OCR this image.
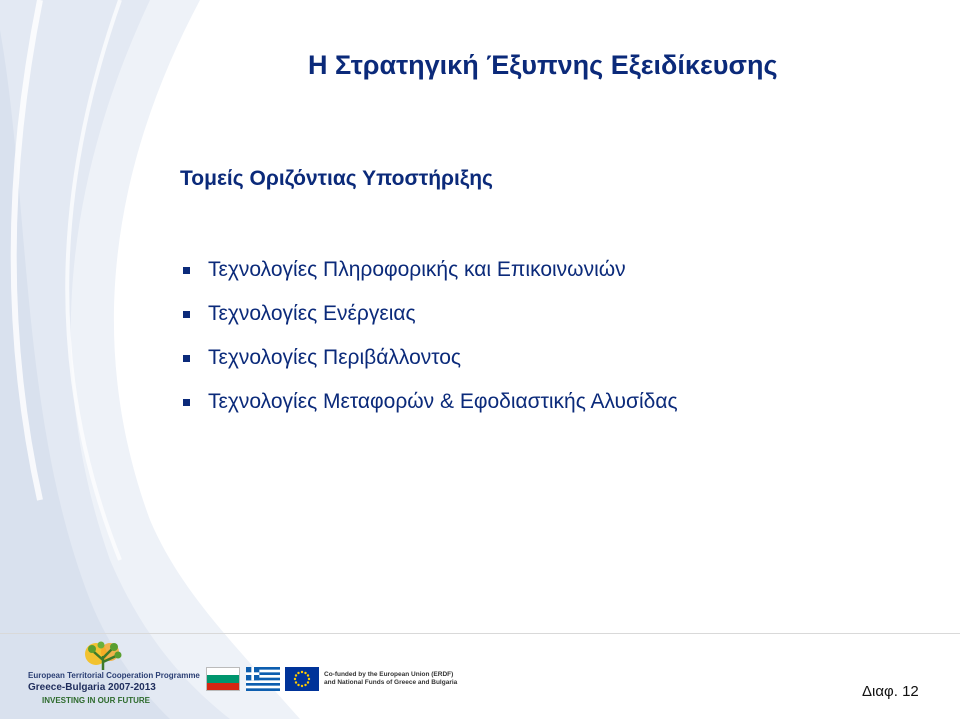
Η Στρατηγική Έξυπνης Εξειδίκευσης
Τομείς Οριζόντιας Υποστήριξης
Τεχνολογίες Πληροφορικής και Επικοινωνιών
Τεχνολογίες Ενέργειας
Τεχνολογίες Περιβάλλοντος
Τεχνολογίες Μεταφορών & Εφοδιαστικής Αλυσίδας
European Territorial Cooperation Programme
Greece-Bulgaria 2007-2013
INVESTING IN OUR FUTURE
Co-funded by the European Union (ERDF)
and National Funds of Greece and Bulgaria
Διαφ. 12
